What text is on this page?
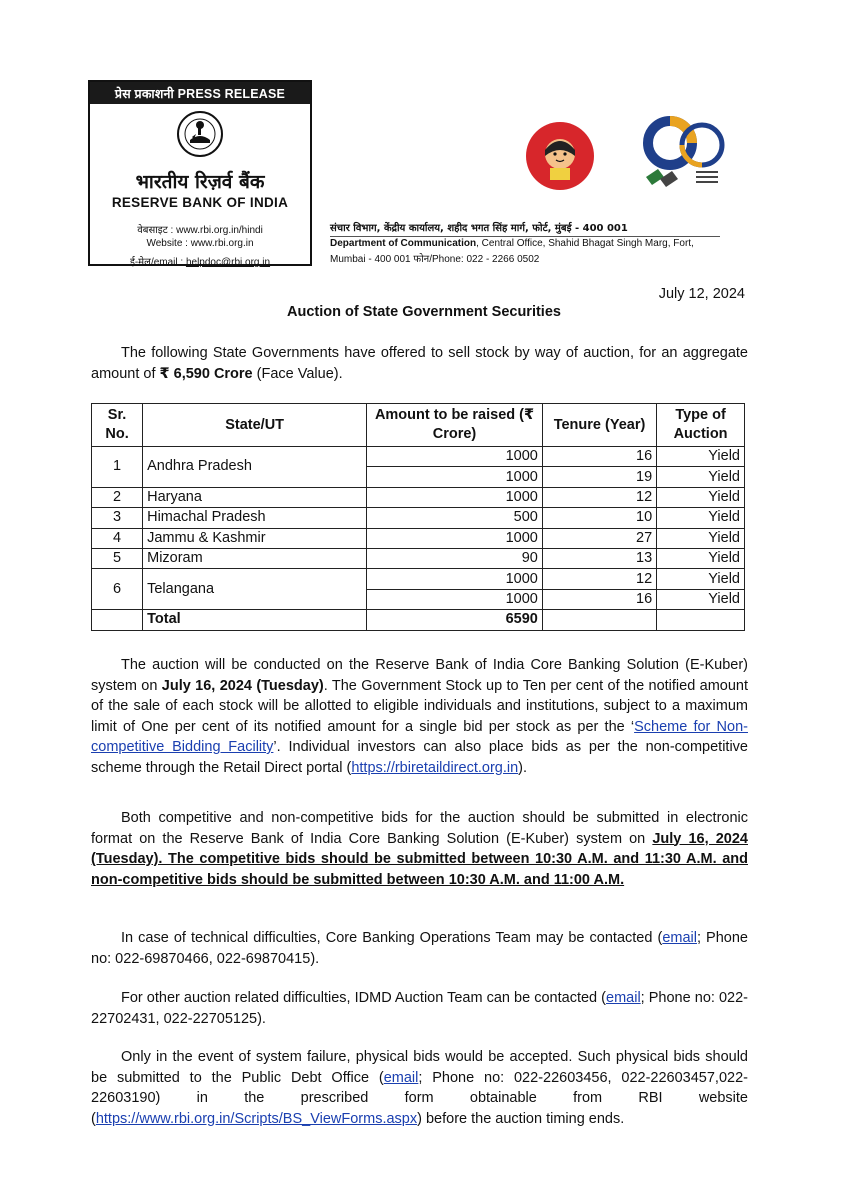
प्रेस प्रकाशनी PRESS RELEASE
भारतीय रिज़र्व बैंक
RESERVE BANK OF INDIA
वेबसाइट : www.rbi.org.in/hindi
Website : www.rbi.org.in
ई-मेल/email : helpdoc@rbi.org.in
संचार विभाग, केंद्रीय कार्यालय, शहीद भगत सिंह मार्ग, फोर्ट, मुंबई - 400 001
Department of Communication, Central Office, Shahid Bhagat Singh Marg, Fort,
Mumbai - 400 001 फोन/Phone: 022 - 2266 0502
July 12, 2024
Auction of State Government Securities

The following State Governments have offered to sell stock by way of auction, for an aggregate amount of ₹ 6,590 Crore (Face Value).

Sr. No.	State/UT	Amount to be raised (₹ Crore)	Tenure (Year)	Type of Auction
1	Andhra Pradesh	1000	16	Yield
		1000	19	Yield
2	Haryana	1000	12	Yield
3	Himachal Pradesh	500	10	Yield
4	Jammu & Kashmir	1000	27	Yield
5	Mizoram	90	13	Yield
6	Telangana	1000	12	Yield
		1000	16	Yield
	Total	6590		

The auction will be conducted on the Reserve Bank of India Core Banking Solution (E-Kuber) system on July 16, 2024 (Tuesday). The Government Stock up to Ten per cent of the notified amount of the sale of each stock will be allotted to eligible individuals and institutions, subject to a maximum limit of One per cent of its notified amount for a single bid per stock as per the ‘Scheme for Non-competitive Bidding Facility’. Individual investors can also place bids as per the non-competitive scheme through the Retail Direct portal (https://rbiretaildirect.org.in).

Both competitive and non-competitive bids for the auction should be submitted in electronic format on the Reserve Bank of India Core Banking Solution (E-Kuber) system on July 16, 2024 (Tuesday). The competitive bids should be submitted between 10:30 A.M. and 11:30 A.M. and non-competitive bids should be submitted between 10:30 A.M. and 11:00 A.M.

In case of technical difficulties, Core Banking Operations Team may be contacted (email; Phone no: 022-69870466, 022-69870415).

For other auction related difficulties, IDMD Auction Team can be contacted (email; Phone no: 022-22702431, 022-22705125).

Only in the event of system failure, physical bids would be accepted. Such physical bids should be submitted to the Public Debt Office (email; Phone no: 022-22603456, 022-22603457,022-22603190) in the prescribed form obtainable from RBI website (https://www.rbi.org.in/Scripts/BS_ViewForms.aspx) before the auction timing ends.
